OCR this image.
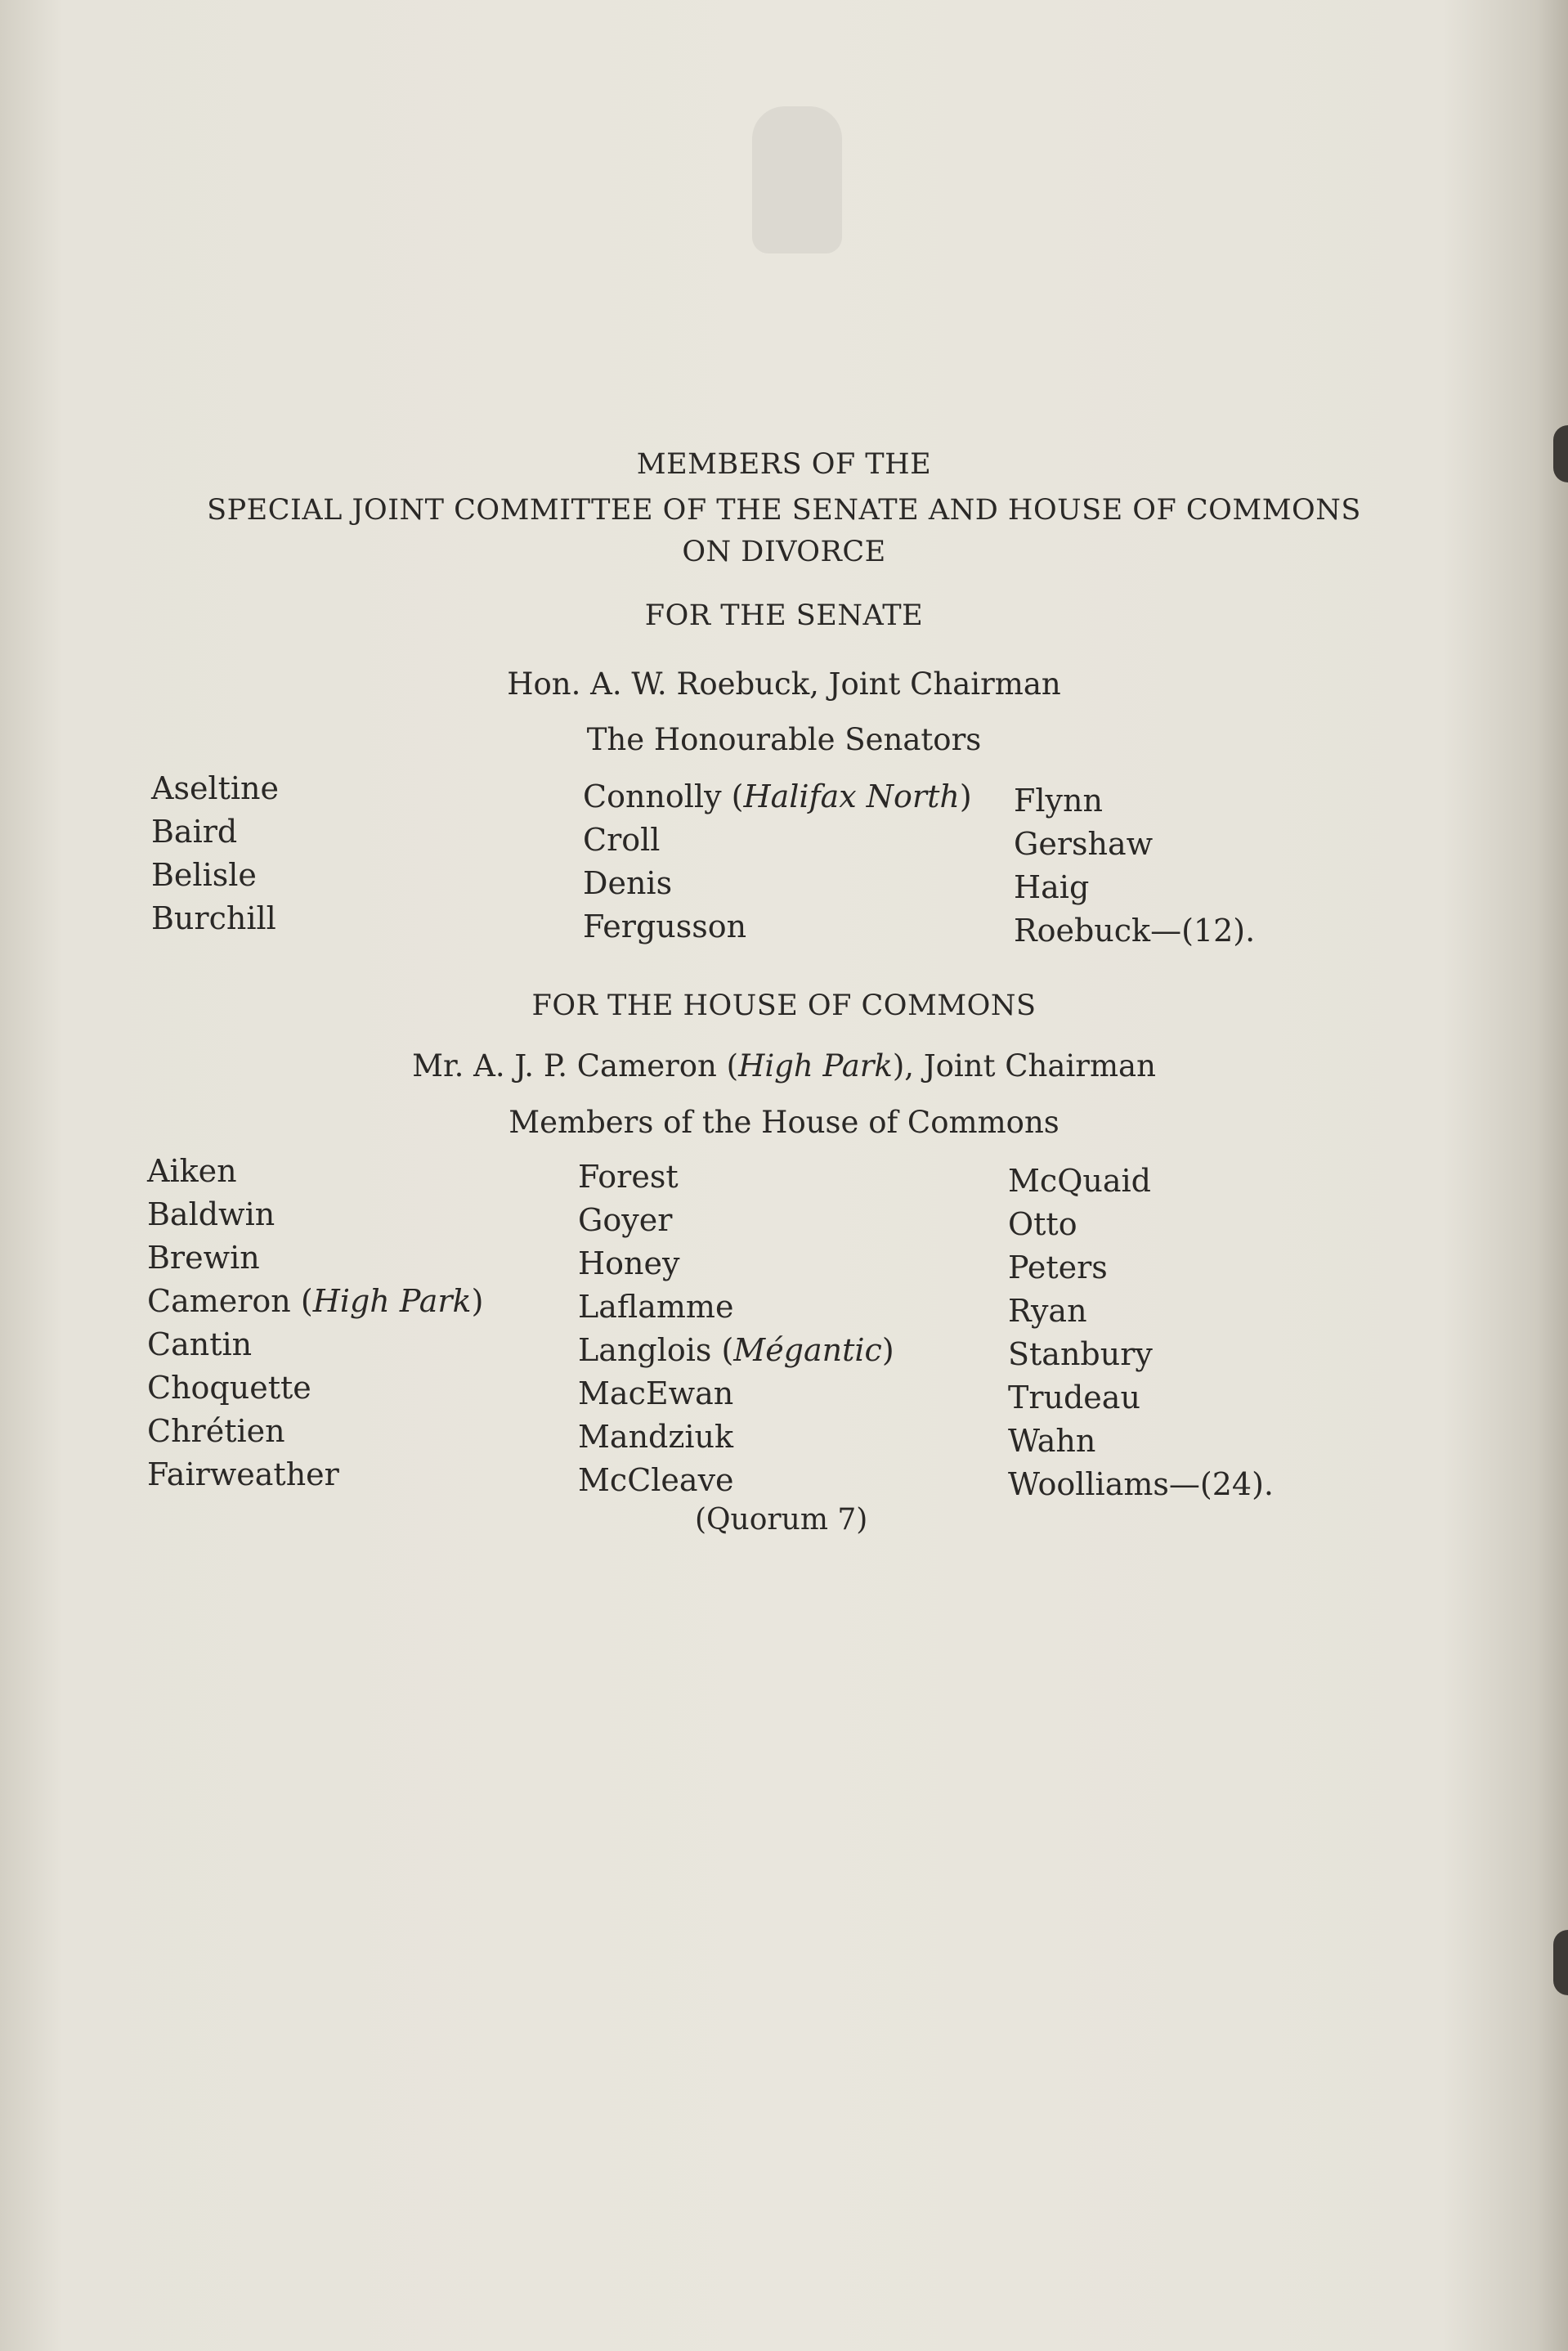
MEMBERS OF THE
SPECIAL JOINT COMMITTEE OF THE SENATE AND HOUSE OF COMMONS
ON DIVORCE
FOR THE SENATE
Hon. A. W. Roebuck, Joint Chairman
The Honourable Senators
Aseltine
Baird
Belisle
Burchill
Connolly (Halifax North)
Croll
Denis
Fergusson
Flynn
Gershaw
Haig
Roebuck—(12).
FOR THE HOUSE OF COMMONS
Mr. A. J. P. Cameron (High Park), Joint Chairman
Members of the House of Commons
Aiken
Baldwin
Brewin
Cameron (High Park)
Cantin
Choquette
Chrétien
Fairweather
Forest
Goyer
Honey
Laflamme
Langlois (Mégantic)
MacEwan
Mandziuk
McCleave
McQuaid
Otto
Peters
Ryan
Stanbury
Trudeau
Wahn
Woolliams—(24).
(Quorum 7)
